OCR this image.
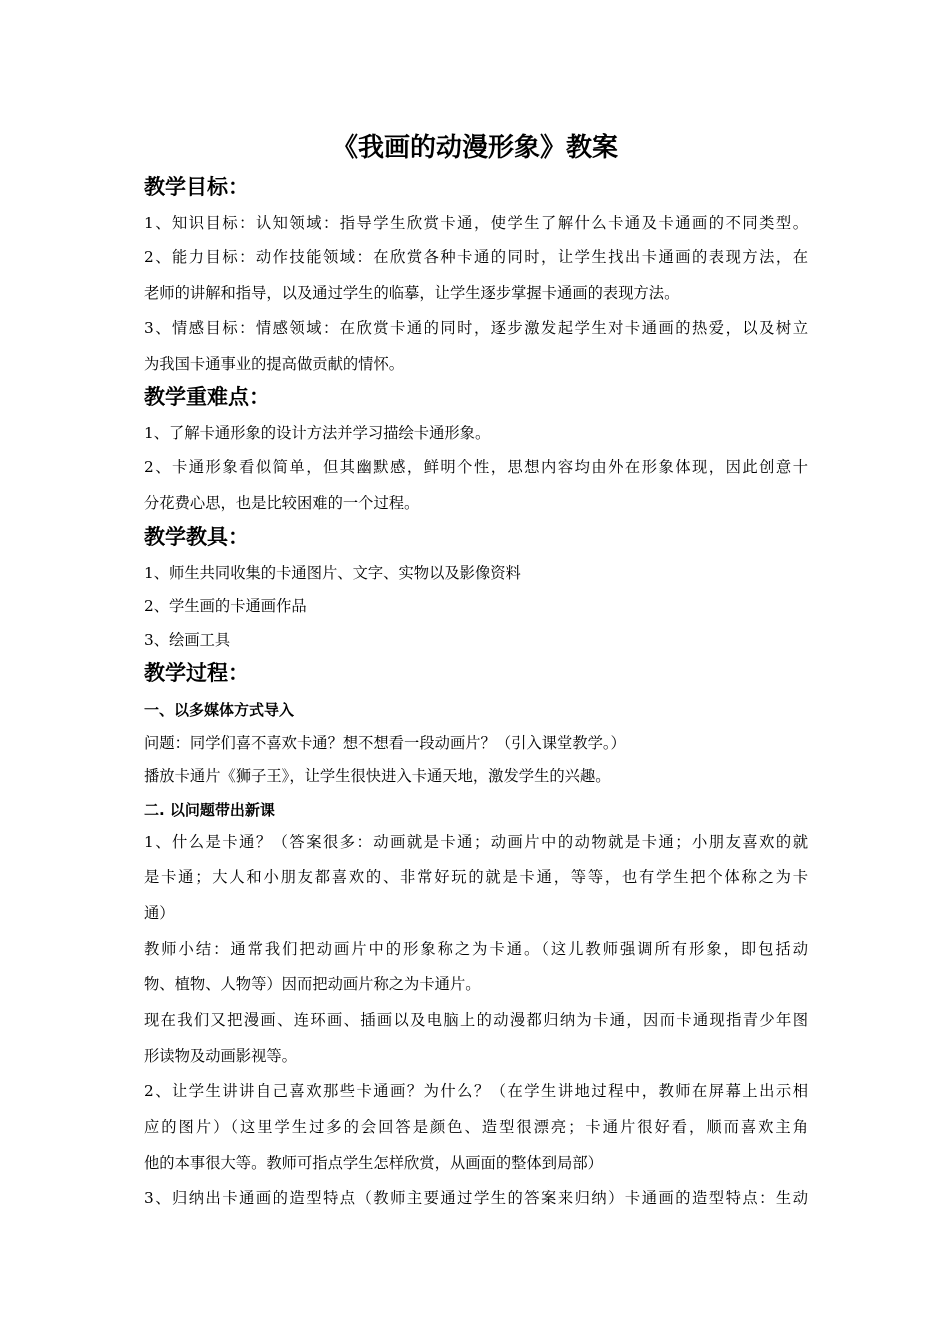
《我画的动漫形象》教案
教学目标：
1、知识目标：认知领域：指导学生欣赏卡通，使学生了解什么卡通及卡通画的不同类型。
2、能力目标：动作技能领域：在欣赏各种卡通的同时，让学生找出卡通画的表现方法，在
老师的讲解和指导，以及通过学生的临摹，让学生逐步掌握卡通画的表现方法。
3、情感目标：情感领域：在欣赏卡通的同时，逐步激发起学生对卡通画的热爱，以及树立
为我国卡通事业的提高做贡献的情怀。
教学重难点：
1、了解卡通形象的设计方法并学习描绘卡通形象。
2、卡通形象看似简单，但其幽默感，鲜明个性，思想内容均由外在形象体现，因此创意十
分花费心思，也是比较困难的一个过程。
教学教具：
1、师生共同收集的卡通图片、文字、实物以及影像资料
2、学生画的卡通画作品
3、绘画工具
教学过程：
一、以多媒体方式导入
问题：同学们喜不喜欢卡通？想不想看一段动画片？（引入课堂教学。）
播放卡通片《狮子王》，让学生很快进入卡通天地，激发学生的兴趣。
二. 以问题带出新课
1、什么是卡通？（答案很多：动画就是卡通；动画片中的动物就是卡通；小朋友喜欢的就
是卡通；大人和小朋友都喜欢的、非常好玩的就是卡通，等等，也有学生把个体称之为卡
通）
教师小结：通常我们把动画片中的形象称之为卡通。（这儿教师强调所有形象，即包括动
物、植物、人物等）因而把动画片称之为卡通片。
现在我们又把漫画、连环画、插画以及电脑上的动漫都归纳为卡通，因而卡通现指青少年图
形读物及动画影视等。
2、让学生讲讲自己喜欢那些卡通画？为什么？（在学生讲地过程中，教师在屏幕上出示相
应的图片）（这里学生过多的会回答是颜色、造型很漂亮；卡通片很好看，顺而喜欢主角
他的本事很大等。教师可指点学生怎样欣赏，从画面的整体到局部）
3、归纳出卡通画的造型特点（教师主要通过学生的答案来归纳）卡通画的造型特点：生动
